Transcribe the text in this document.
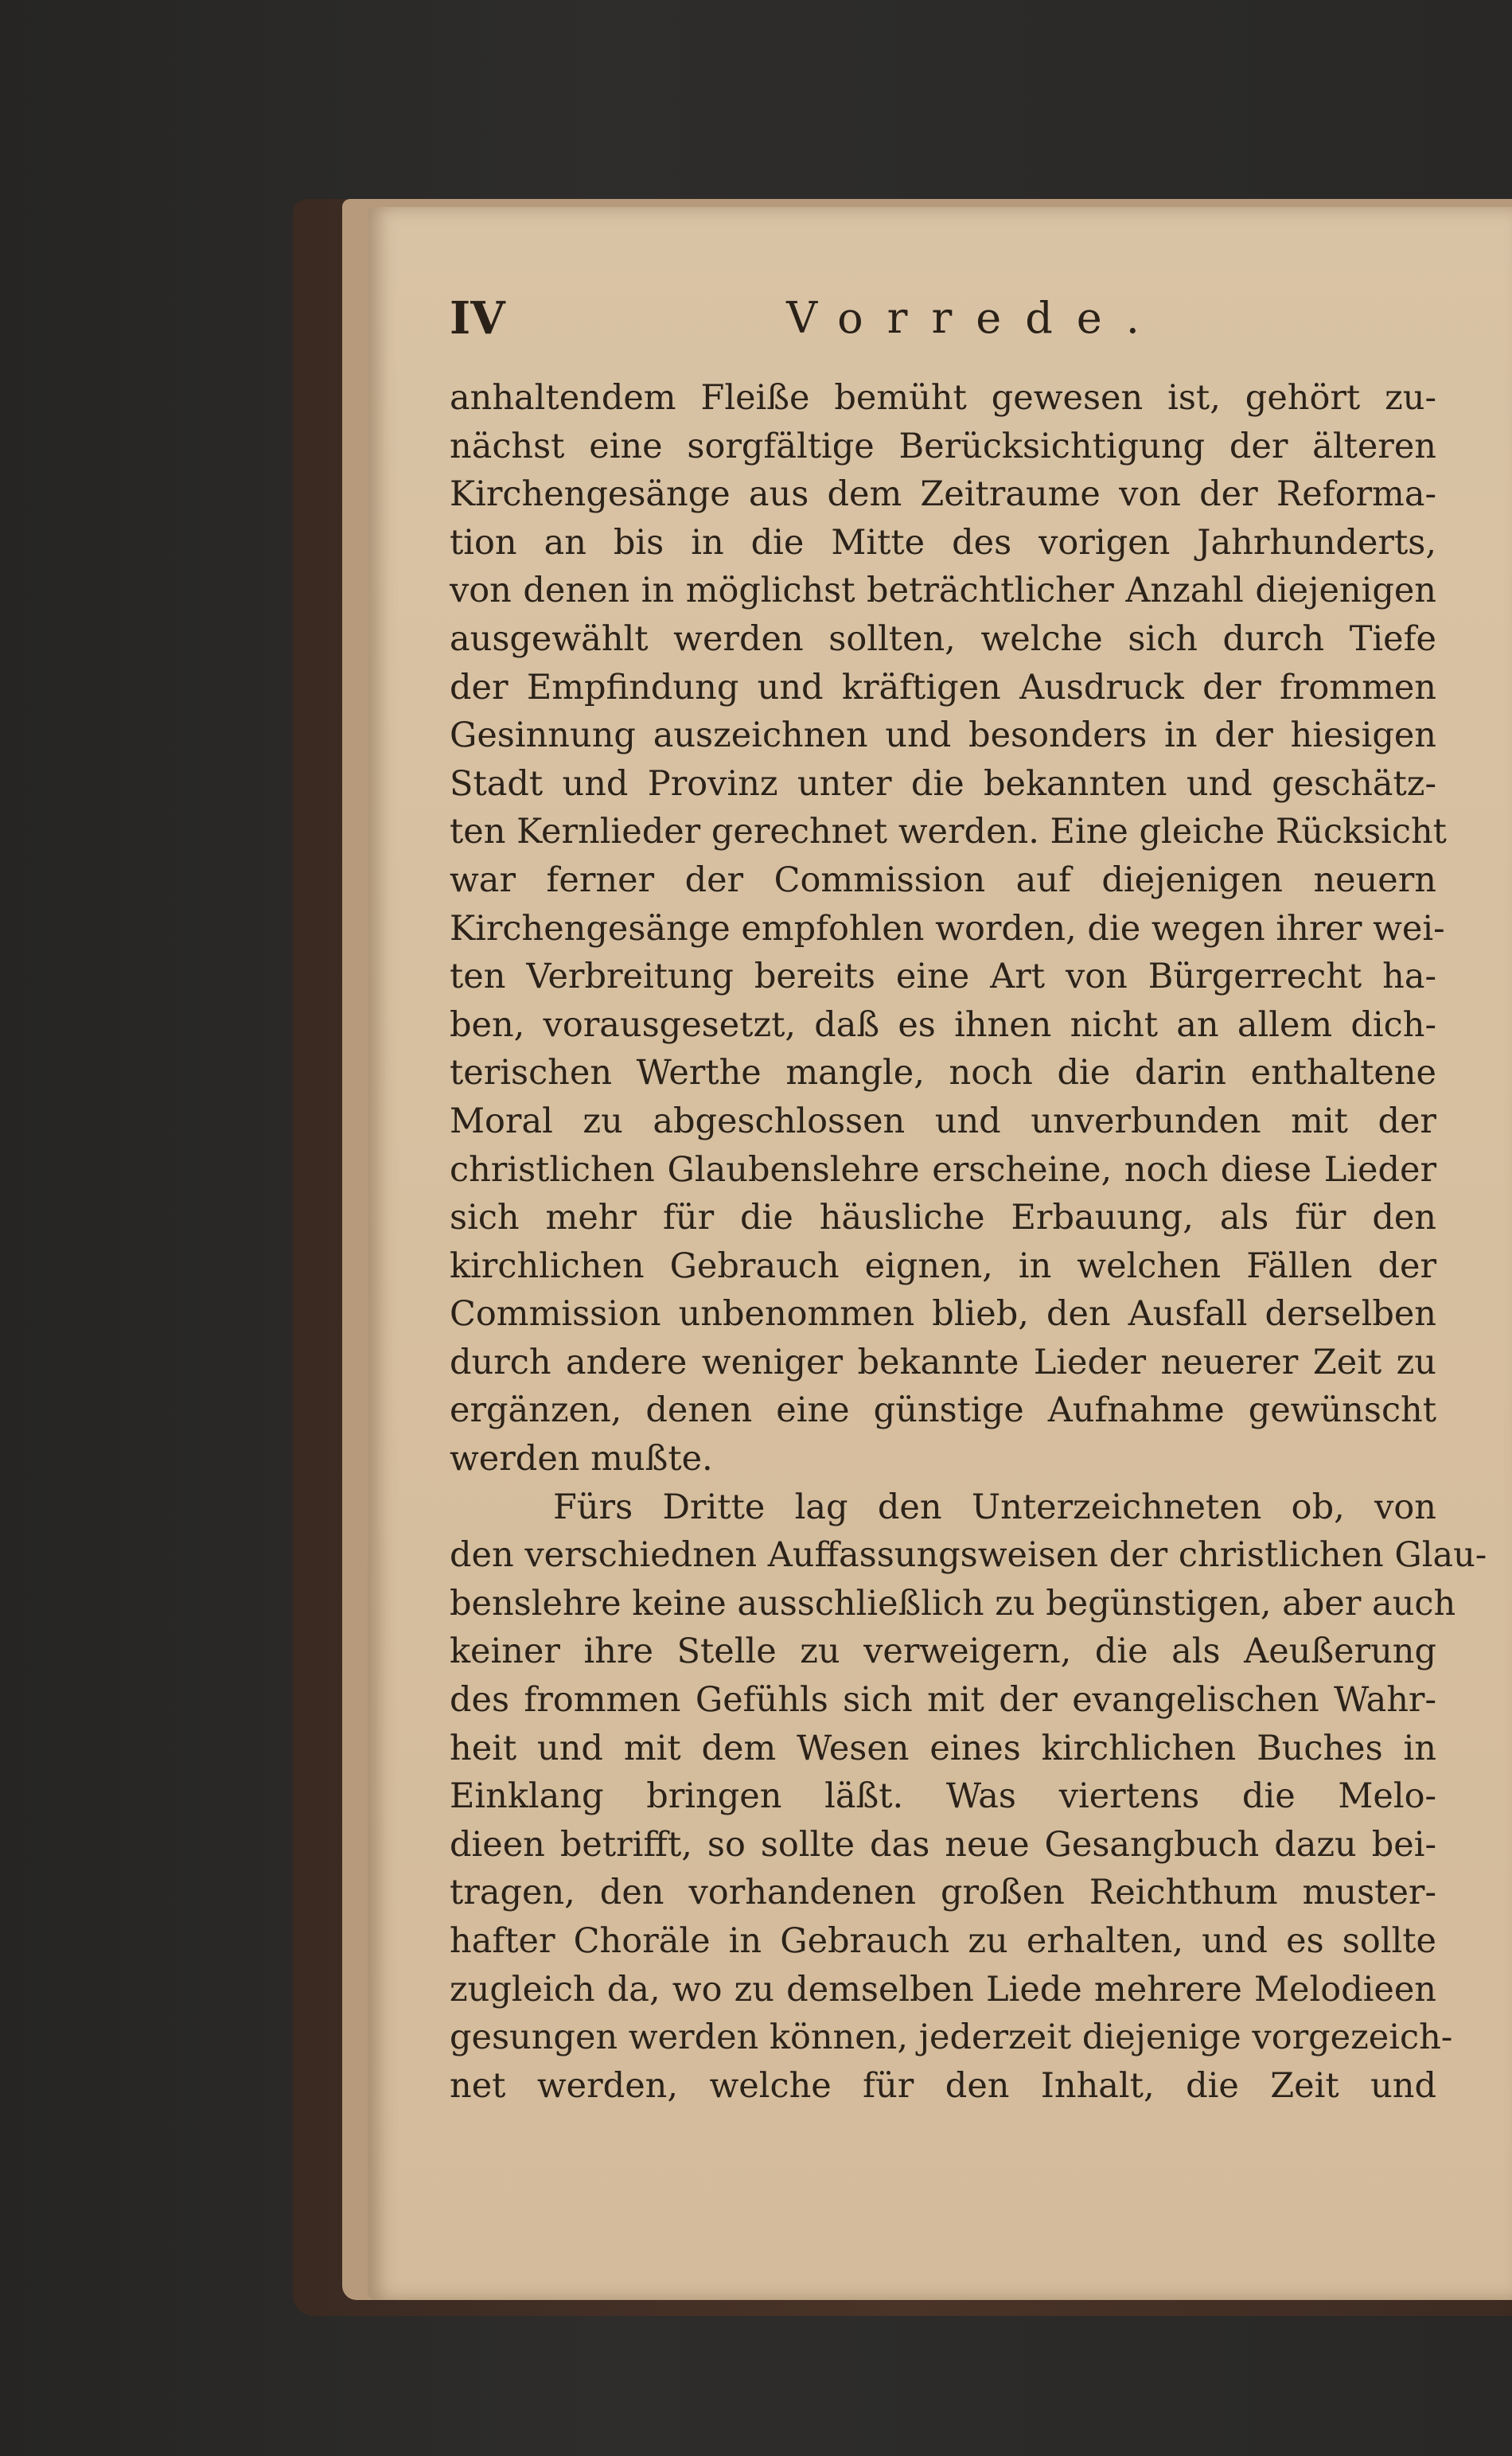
IV	Vorrede.
anhaltendem Fleiße bemüht gewesen ist, gehört zu-
nächst eine sorgfältige Berücksichtigung der älteren
Kirchengesänge aus dem Zeitraume von der Reforma-
tion an bis in die Mitte des vorigen Jahrhunderts,
von denen in möglichst beträchtlicher Anzahl diejenigen
ausgewählt werden sollten, welche sich durch Tiefe
der Empfindung und kräftigen Ausdruck der frommen
Gesinnung auszeichnen und besonders in der hiesigen
Stadt und Provinz unter die bekannten und geschätz-
ten Kernlieder gerechnet werden. Eine gleiche Rücksicht
war ferner der Commission auf diejenigen neuern
Kirchengesänge empfohlen worden, die wegen ihrer wei-
ten Verbreitung bereits eine Art von Bürgerrecht ha-
ben, vorausgesetzt, daß es ihnen nicht an allem dich-
terischen Werthe mangle, noch die darin enthaltene
Moral zu abgeschlossen und unverbunden mit der
christlichen Glaubenslehre erscheine, noch diese Lieder
sich mehr für die häusliche Erbauung, als für den
kirchlichen Gebrauch eignen, in welchen Fällen der
Commission unbenommen blieb, den Ausfall derselben
durch andere weniger bekannte Lieder neuerer Zeit zu
ergänzen, denen eine günstige Aufnahme gewünscht
werden mußte.
Fürs Dritte lag den Unterzeichneten ob, von
den verschiednen Auffassungsweisen der christlichen Glau-
benslehre keine ausschließlich zu begünstigen, aber auch
keiner ihre Stelle zu verweigern, die als Aeußerung
des frommen Gefühls sich mit der evangelischen Wahr-
heit und mit dem Wesen eines kirchlichen Buches in
Einklang bringen läßt. Was viertens die Melo-
dieen betrifft, so sollte das neue Gesangbuch dazu bei-
tragen, den vorhandenen großen Reichthum muster-
hafter Choräle in Gebrauch zu erhalten, und es sollte
zugleich da, wo zu demselben Liede mehrere Melodieen
gesungen werden können, jederzeit diejenige vorgezeich-
net werden, welche für den Inhalt, die Zeit und
